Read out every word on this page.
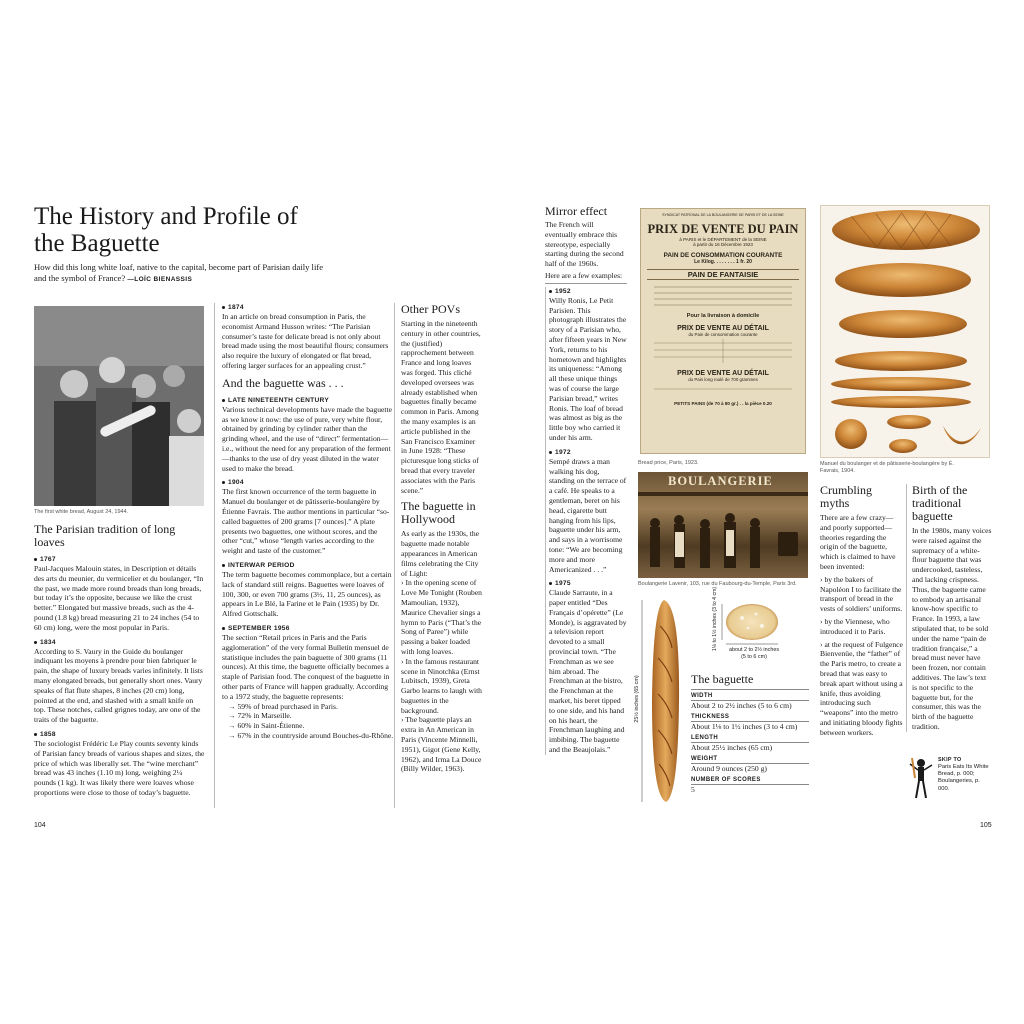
The History and Profile of the Baguette
How did this long white loaf, native to the capital, become part of Parisian daily life and the symbol of France? —LOÏC BIENASSIS
The first white bread, August 24, 1944.
The Parisian tradition of long loaves
1767

Paul-Jacques Malouin states, in Description et détails des arts du meunier, du vermicelier et du boulanger, “In the past, we made more round breads than long breads, but today it’s the opposite, because we like the crust better.” Elongated but massive breads, such as the 4-pound (1.8 kg) bread measuring 21 to 24 inches (54 to 60 cm) long, were the most popular in Paris.

1834

According to S. Vaury in the Guide du boulanger indiquant les moyens à prendre pour bien fabriquer le pain, the shape of luxury breads varies infinitely. It lists many elongated breads, but generally short ones. Vaury speaks of flat flute shapes, 8 inches (20 cm) long, pointed at the end, and slashed with a small knife on top. These notches, called grignes today, are one of the traits of the baguette.

1858

The sociologist Frédéric Le Play counts seventy kinds of Parisian fancy breads of various shapes and sizes, the price of which was liberally set. The “wine merchant” bread was 43 inches (1.10 m) long, weighing 2¼ pounds (1 kg). It was likely there were loaves whose proportions were close to those of today’s baguette.

1874

In an article on bread consumption in Paris, the economist Armand Husson writes: “The Parisian consumer’s taste for delicate bread is not only about bread made using the most beautiful flours; consumers also require the luxury of elongated or flat bread, offering larger surfaces for an appealing crust.”

And the baguette was . . .
LATE NINETEENTH CENTURY

Various technical developments have made the baguette as we know it now: the use of pure, very white flour, obtained by grinding by cylinder rather than the grinding wheel, and the use of “direct” fermentation—i.e., without the need for any preparation of the ferment—thanks to the use of dry yeast diluted in the water used to make the bread.

1904

The first known occurrence of the term baguette in Manuel du boulanger et de pâtisserie-boulangère by Étienne Favrais. The author mentions in particular “so-called baguettes of 200 grams [7 ounces].” A plate presents two baguettes, one without scores, and the other “cut,” whose “length varies according to the weight and taste of the customer.”

INTERWAR PERIOD

The term baguette becomes commonplace, but a certain lack of standard still reigns. Baguettes were loaves of 100, 300, or even 700 grams (3½, 11, 25 ounces), as appears in Le Blé, la Farine et le Pain (1935) by Dr. Alfred Gottschalk.

SEPTEMBER 1956

The section “Retail prices in Paris and the Paris agglomeration” of the very formal Bulletin mensuel de statistique includes the pain baguette of 300 grams (11 ounces). At this time, the baguette officially becomes a staple of Parisian food. The conquest of the baguette in other parts of France will happen gradually. According to a 1972 study, the baguette represents:

→ 59% of bread purchased in Paris.
→ 72% in Marseille.
→ 60% in Saint-Étienne.
→ 67% in the countryside around Bouches-du-Rhône.
Other POVs

Starting in the nineteenth century in other countries, the (justified) rapprochement between France and long loaves was forged. This cliché developed oversees was already established when baguettes finally became common in Paris. Among the many examples is an article published in the San Francisco Examiner in June 1928: “These picturesque long sticks of bread that every traveler associates with the Paris scene.”

The baguette in Hollywood

As early as the 1930s, the baguette made notable appearances in American films celebrating the City of Light:

› In the opening scene of Love Me Tonight (Rouben Mamoulian, 1932), Maurice Chevalier sings a hymn to Paris (“That’s the Song of Paree”) while passing a baker loaded with long loaves.

› In the famous restaurant scene in Ninotchka (Ernst Lubitsch, 1939), Greta Garbo learns to laugh with baguettes in the background.

› The baguette plays an extra in An American in Paris (Vincente Minnelli, 1951), Gigot (Gene Kelly, 1962), and Irma La Douce (Billy Wilder, 1963).

104
Mirror effect

The French will eventually embrace this stereotype, especially starting during the second half of the 1960s.

Here are a few examples:

1952

Willy Ronis, Le Petit Parisien. This photograph illustrates the story of a Parisian who, after fifteen years in New York, returns to his hometown and highlights its uniqueness: “Among all these unique things was of course the large Parisian bread,” writes Ronis. The loaf of bread was almost as big as the little boy who carried it under his arm.

1972

Sempé draws a man walking his dog, standing on the terrace of a café. He speaks to a gentleman, beret on his head, cigarette butt hanging from his lips, baguette under his arm, and says in a worrisome tone: “We are becoming more and more Americanized . . .”

1975

Claude Sarraute, in a paper entitled “Des Français d’opérette” (Le Monde), is aggravated by a television report devoted to a small provincial town. “The Frenchman as we see him abroad. The Frenchman at the bistro, the Frenchman at the market, his beret tipped to one side, and his hand on his heart, the Frenchman laughing and imbibing. The baguette and the Beaujolais.”

SYNDICAT PATRONAL DE LA BOULANGERIE DE PARIS ET DE LA SEINE
PRIX DE VENTE DU PAIN
à PARIS et le DÉPARTEMENT de la SEINE
à partir du 16 Décembre 1923
PAIN DE CONSOMMATION COURANTE
Le Kilog. . . . . . . . 1 fr. 20
PAIN DE FANTAISIE
Pour la livraison à domicile
PRIX DE VENTE AU DÉTAIL
du Pain de consommation courante
PRIX DE VENTE AU DÉTAIL
du Pain long roulé de 700 grammes
PETITS PAINS (de 70 à 80 gr.) . . la pièce 0.20
Bread price, Paris, 1923.
BOULANGERIE
Boulangerie Lavenir, 103, rue du Faubourg-du-Temple, Paris 3rd.
Manuel du boulanger et de pâtisserie-boulangère by É. Favrais, 1904.
25½ inches (65 cm)
1⅛ to 1½ inches (3 to 4 cm)	about 2 to 2½ inches (5 to 6 cm)
The baguette
WIDTH
About 2 to 2½ inches (5 to 6 cm)
THICKNESS
About 1⅛ to 1½ inches (3 to 4 cm)
LENGTH
About 25½ inches (65 cm)
WEIGHT
Around 9 ounces (250 g)
NUMBER OF SCORES
5
Crumbling myths

There are a few crazy—and poorly supported—theories regarding the origin of the baguette, which is claimed to have been invented:

› by the bakers of Napoléon I to facilitate the transport of bread in the vests of soldiers’ uniforms.

› by the Viennese, who introduced it to Paris.

› at the request of Fulgence Bienvenüe, the “father” of the Paris metro, to create a bread that was easy to break apart without using a knife, thus avoiding introducing such “weapons” into the metro and initiating bloody fights between workers.

Birth of the traditional baguette

In the 1980s, many voices were raised against the supremacy of a white-flour baguette that was undercooked, tasteless, and lacking crispness. Thus, the baguette came to embody an artisanal know-how specific to France. In 1993, a law stipulated that, to be sold under the name “pain de tradition française,” a bread must never have been frozen, nor contain additives. The law’s text is not specific to the baguette but, for the consumer, this was the birth of the baguette tradition.

SKIP TO
Paris Eats Its White Bread, p. 000; Boulangeries, p. 000.
105
